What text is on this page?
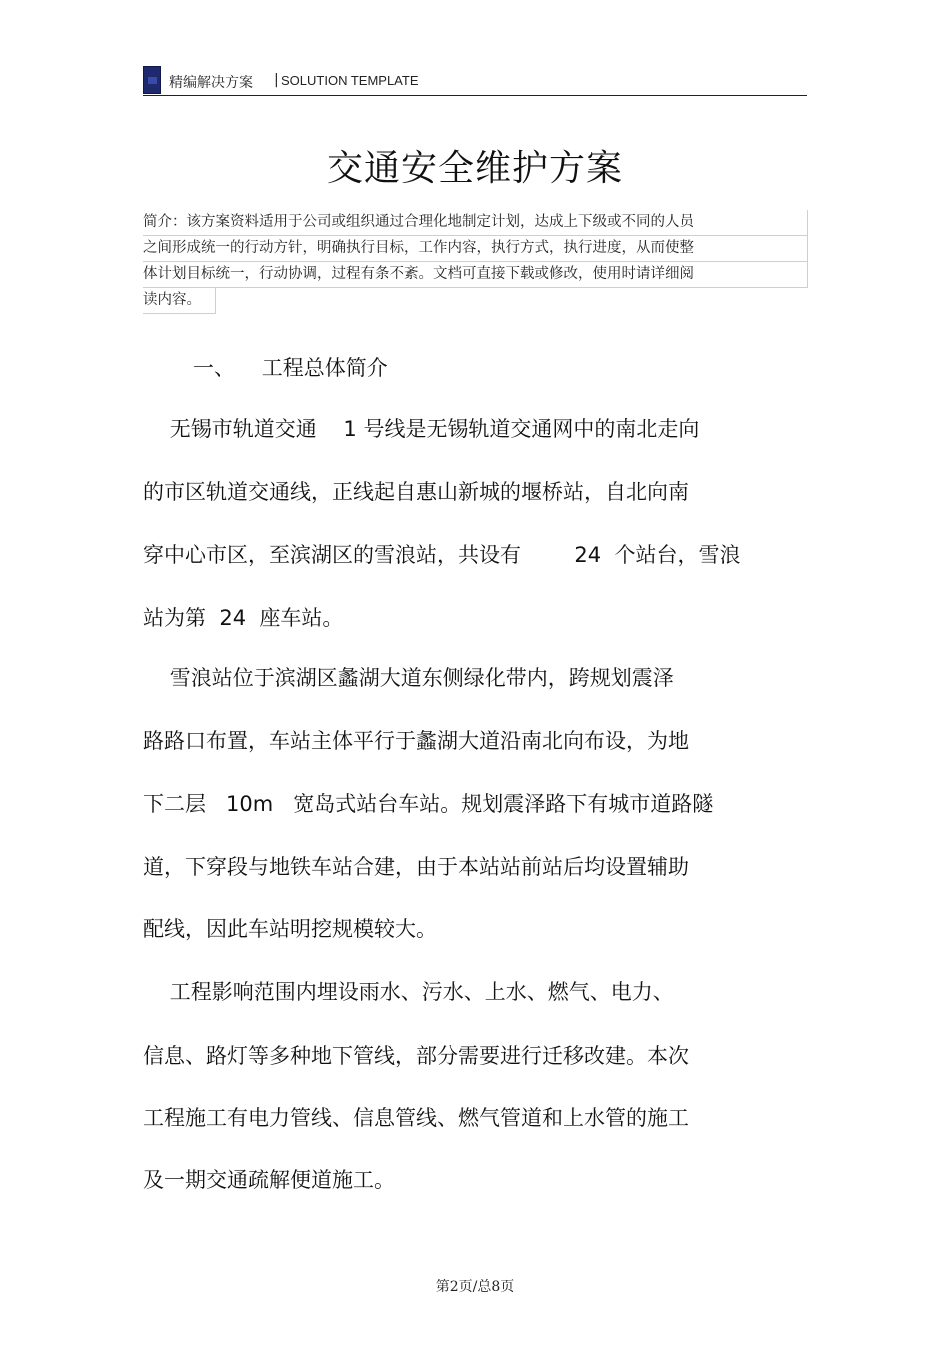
精编解决方案 | SOLUTION TEMPLATE
交通安全维护方案
简介：该方案资料适用于公司或组织通过合理化地制定计划，达成上下级或不同的人员
之间形成统一的行动方针，明确执行目标，工作内容，执行方式，执行进度，从而使整
体计划目标统一，行动协调，过程有条不紊。文档可直接下载或修改，使用时请详细阅
读内容。
一、    工程总体简介
无锡市轨道交通    1 号线是无锡轨道交通网中的南北走向
的市区轨道交通线，正线起自惠山新城的堰桥站，自北向南
穿中心市区，至滨湖区的雪浪站，共设有        24  个站台，雪浪
站为第  24  座车站。
雪浪站位于滨湖区蠡湖大道东侧绿化带内，跨规划震泽
路路口布置，车站主体平行于蠡湖大道沿南北向布设，为地
下二层   10m   宽岛式站台车站。规划震泽路下有城市道路隧
道，下穿段与地铁车站合建，由于本站站前站后均设置辅助
配线，因此车站明挖规模较大。
工程影响范围内埋设雨水、污水、上水、燃气、电力、
信息、路灯等多种地下管线，部分需要进行迁移改建。本次
工程施工有电力管线、信息管线、燃气管道和上水管的施工
及一期交通疏解便道施工。
第2页/总8页
